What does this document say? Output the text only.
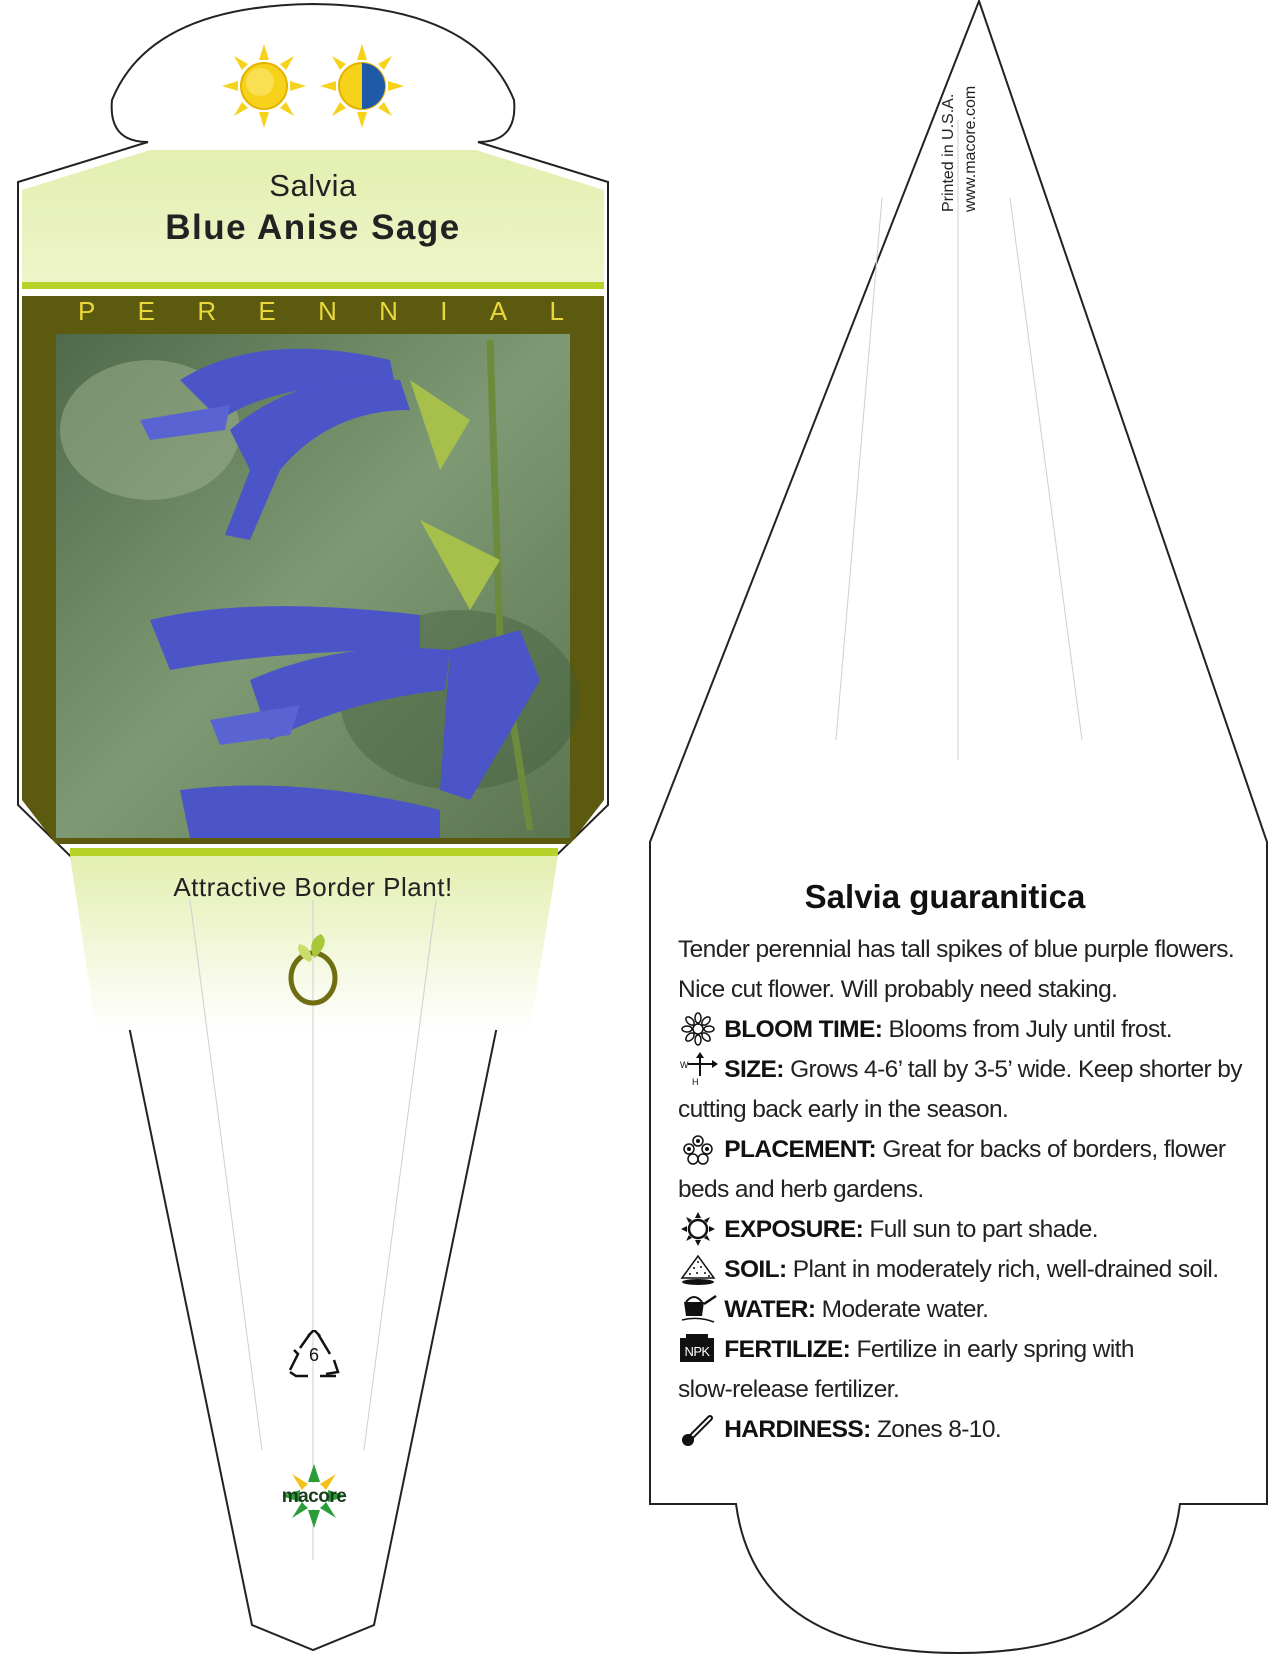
Salvia
Blue Anise Sage
P E R E N N I A L
Attractive Border Plant!
6
macore
Printed in U.S.A. www.macore.com
Salvia guaranitica
Tender perennial has tall spikes of blue purple flowers.
Nice cut flower. Will probably need staking.
BLOOM TIME: Blooms from July until frost.
W
H SIZE: Grows 4-6’ tall by 3-5’ wide. Keep shorter by
cutting back early in the season.
PLACEMENT: Great for backs of borders, flower
beds and herb gardens.
EXPOSURE: Full sun to part shade.
SOIL: Plant in moderately rich, well-drained soil.
WATER: Moderate water.
NPK FERTILIZE: Fertilize in early spring with
slow-release fertilizer.
HARDINESS: Zones 8-10.
